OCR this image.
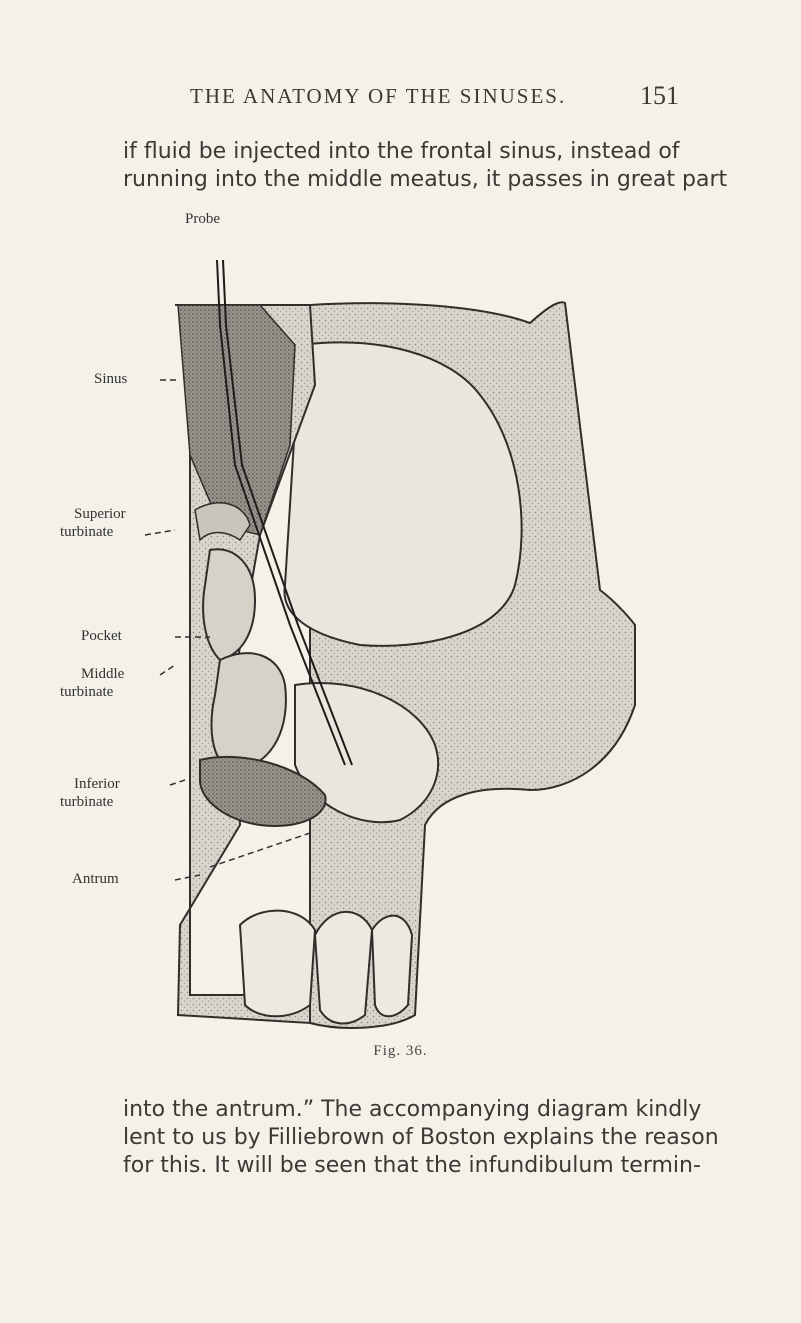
THE ANATOMY OF THE SINUSES.	151
if fluid be injected into the frontal sinus, instead of
running into the middle meatus, it passes in great part
Probe
Sinus
Superior
turbinate
Pocket
Middle
turbinate
Inferior
turbinate
Antrum
Fig. 36.
into the antrum.” The accompanying diagram kindly
lent to us by Filliebrown of Boston explains the reason
for this. It will be seen that the infundibulum termin-
